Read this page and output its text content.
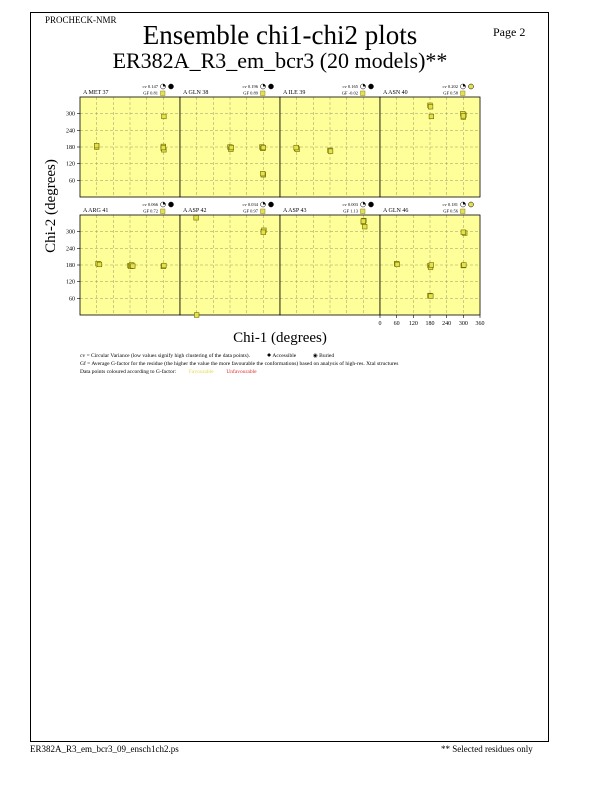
PROCHECK-NMR
Page 2
Ensemble chi1-chi2 plots
ER382A_R3_em_bcr3 (20 models)**
A MET 37
cv 0.147
GF 0.81	A GLN 38
cv 0.196
GF 0.89	A ILE 39
cv 0.165
GF -0.02	A ASN 40
cv 0.202
GF 0.58
A ARG 41
cv 0.066
GF 0.72	A ASP 42
cv 0.034
GF 0.97	A ASP 43
cv 0.003
GF 1.13	A GLN 46
cv 0.181
GF 0.56
60
120
180
240
300
60
120
180
240
300
0 60 120 180 240 300 360
Chi-1 (degrees)
Chi-2 (degrees)
cv = Circular Variance (low values signify high clustering of the data points).	✹ Accessible	◉ Buried
Gf = Average G-factor for the residue (the higher the value the more favourable the conformations) based on analysis of high-res. Xtal structures
Data points coloured according to G-factor: Favourable Unfavourable
ER382A_R3_em_bcr3_09_ensch1ch2.ps	** Selected residues only
